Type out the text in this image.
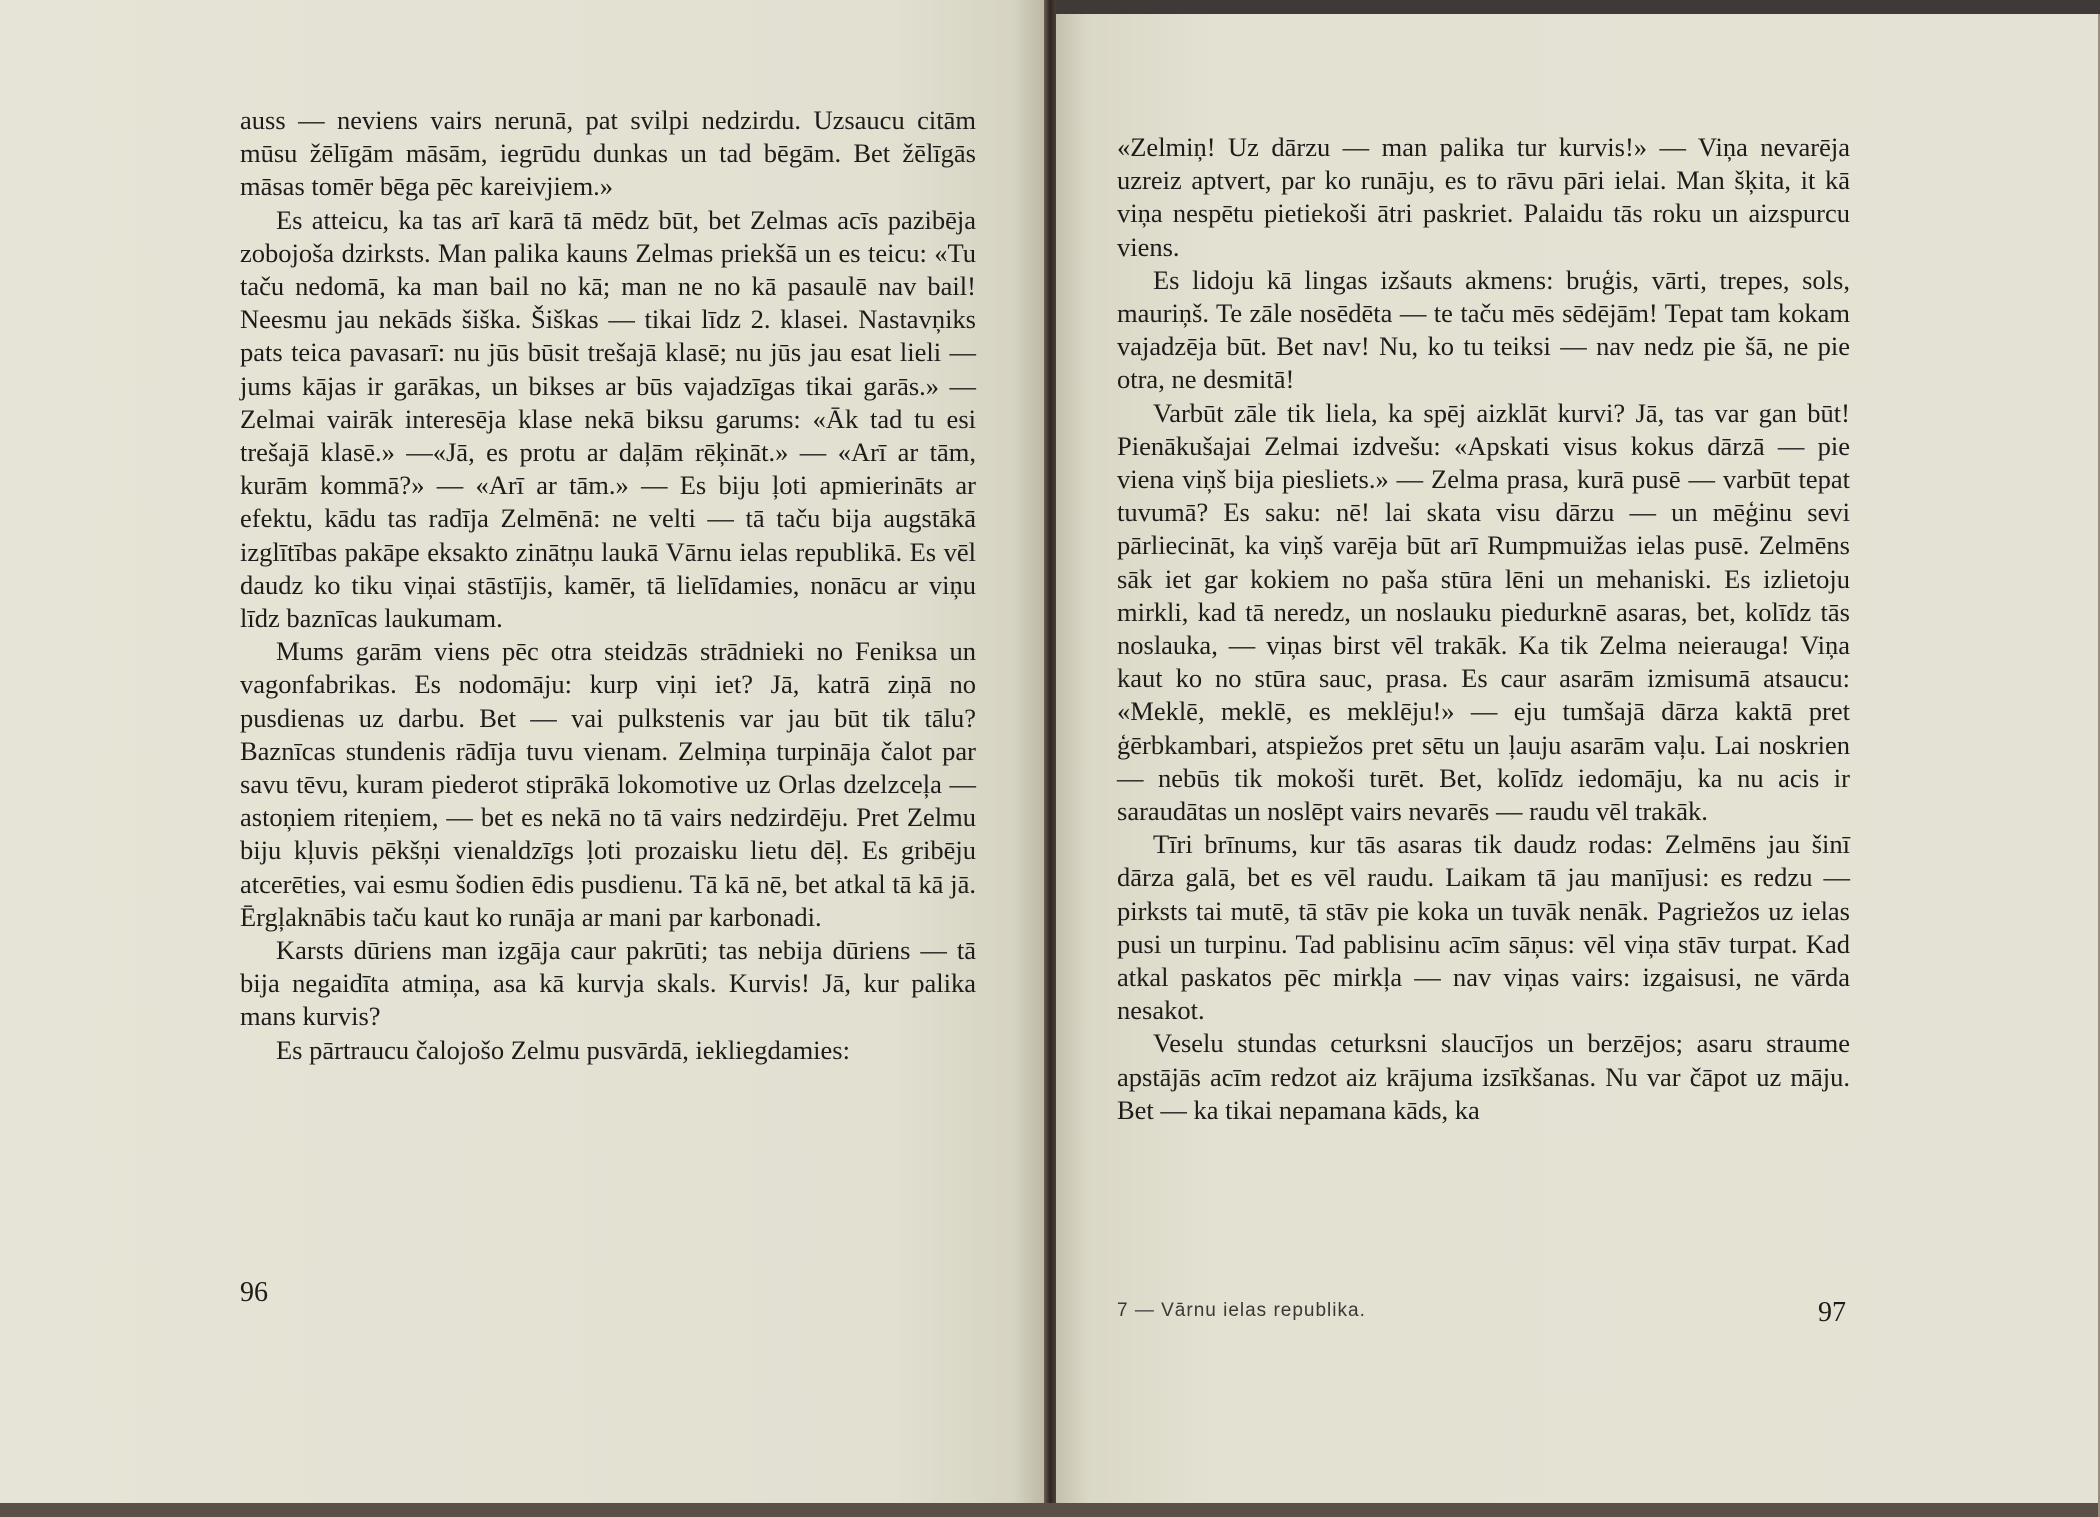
auss — neviens vairs nerunā, pat svilpi nedzirdu. Uzsaucu citām mūsu žēlīgām māsām, iegrūdu dunkas un tad bēgām. Bet žēlīgās māsas tomēr bēga pēc kareivjiem.»

Es atteicu, ka tas arī karā tā mēdz būt, bet Zelmas acīs pazibēja zobojoša dzirksts. Man palika kauns Zelmas priekšā un es teicu: «Tu taču nedomā, ka man bail no kā; man ne no kā pasaulē nav bail! Neesmu jau nekāds šiška. Šiškas — tikai līdz 2. klasei. Nastavņiks pats teica pavasarī: nu jūs būsit trešajā klasē; nu jūs jau esat lieli — jums kājas ir garākas, un bikses ar būs vajadzīgas tikai garās.» — Zelmai vairāk interesēja klase nekā biksu garums: «Āk tad tu esi trešajā klasē.» —«Jā, es protu ar daļām rēķināt.» — «Arī ar tām, kurām kommā?» — «Arī ar tām.» — Es biju ļoti apmierināts ar efektu, kādu tas radīja Zelmēnā: ne velti — tā taču bija augstākā izglītības pakāpe eksakto zinātņu laukā Vārnu ielas republikā. Es vēl daudz ko tiku viņai stāstījis, kamēr, tā lielīdamies, nonācu ar viņu līdz baznīcas laukumam.

Mums garām viens pēc otra steidzās strādnieki no Feniksa un vagonfabrikas. Es nodomāju: kurp viņi iet? Jā, katrā ziņā no pusdienas uz darbu. Bet — vai pulkstenis var jau būt tik tālu? Baznīcas stundenis rādīja tuvu vienam. Zelmiņa turpināja čalot par savu tēvu, kuram piederot stiprākā lokomotive uz Orlas dzelzceļa — astoņiem riteņiem, — bet es nekā no tā vairs nedzirdēju. Pret Zelmu biju kļuvis pēkšņi vienaldzīgs ļoti prozaisku lietu dēļ. Es gribēju atcerēties, vai esmu šodien ēdis pusdienu. Tā kā nē, bet atkal tā kā jā. Ērgļaknābis taču kaut ko runāja ar mani par karbonadi.

Karsts dūriens man izgāja caur pakrūti; tas nebija dūriens — tā bija negaidīta atmiņa, asa kā kurvja skals. Kurvis! Jā, kur palika mans kurvis?

Es pārtraucu čalojošo Zelmu pusvārdā, iekliegdamies:

96

«Zelmiņ! Uz dārzu — man palika tur kurvis!» — Viņa nevarēja uzreiz aptvert, par ko runāju, es to rāvu pāri ielai. Man šķita, it kā viņa nespētu pietiekoši ātri paskriet. Palaidu tās roku un aizspurcu viens.

Es lidoju kā lingas izšauts akmens: bruģis, vārti, trepes, sols, mauriņš. Te zāle nosēdēta — te taču mēs sēdējām! Tepat tam kokam vajadzēja būt. Bet nav! Nu, ko tu teiksi — nav nedz pie šā, ne pie otra, ne desmitā!

Varbūt zāle tik liela, ka spēj aizklāt kurvi? Jā, tas var gan būt! Pienākušajai Zelmai izdvešu: «Apskati visus kokus dārzā — pie viena viņš bija piesliets.» — Zelma prasa, kurā pusē — varbūt tepat tuvumā? Es saku: nē! lai skata visu dārzu — un mēģinu sevi pārliecināt, ka viņš varēja būt arī Rumpmuižas ielas pusē. Zelmēns sāk iet gar kokiem no paša stūra lēni un mehaniski. Es izlietoju mirkli, kad tā neredz, un noslauku piedurknē asaras, bet, kolīdz tās noslauka, — viņas birst vēl trakāk. Ka tik Zelma neierauga! Viņa kaut ko no stūra sauc, prasa. Es caur asarām izmisumā atsaucu: «Meklē, meklē, es meklēju!» — eju tumšajā dārza kaktā pret ģērbkambari, atspiežos pret sētu un ļauju asarām vaļu. Lai noskrien — nebūs tik mokoši turēt. Bet, kolīdz iedomāju, ka nu acis ir saraudātas un noslēpt vairs nevarēs — raudu vēl trakāk.

Tīri brīnums, kur tās asaras tik daudz rodas: Zelmēns jau šinī dārza galā, bet es vēl raudu. Laikam tā jau manījusi: es redzu — pirksts tai mutē, tā stāv pie koka un tuvāk nenāk. Pagriežos uz ielas pusi un turpinu. Tad pablisinu acīm sāņus: vēl viņa stāv turpat. Kad atkal paskatos pēc mirkļa — nav viņas vairs: izgaisusi, ne vārda nesakot.

Veselu stundas ceturksni slaucījos un berzējos; asaru straume apstājās acīm redzot aiz krājuma izsīkšanas. Nu var čāpot uz māju. Bet — ka tikai nepamana kāds, ka

7 — Vārnu ielas republika.	97
